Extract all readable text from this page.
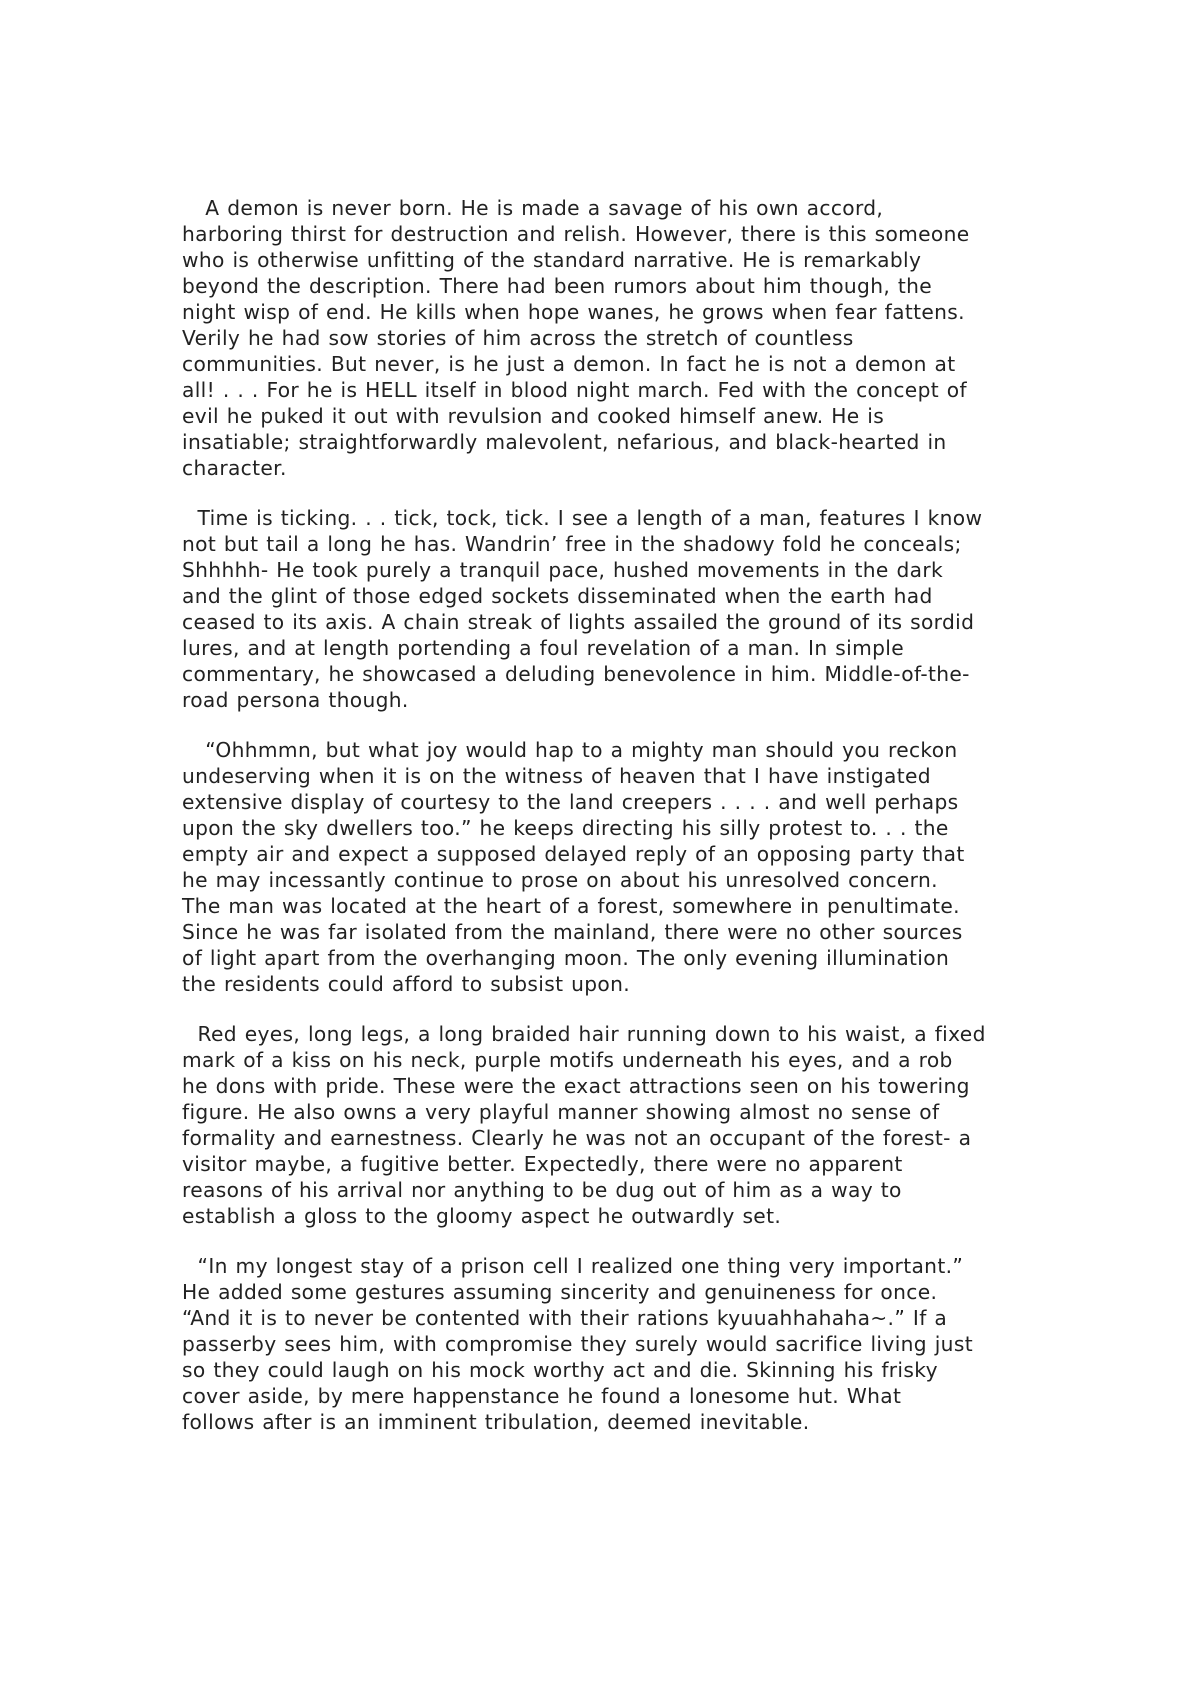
A demon is never born. He is made a savage of his own accord,
harboring thirst for destruction and relish. However, there is this someone
who is otherwise unfitting of the standard narrative. He is remarkably
beyond the description. There had been rumors about him though, the
night wisp of end. He kills when hope wanes, he grows when fear fattens.
Verily he had sow stories of him across the stretch of countless
communities. But never, is he just a demon. In fact he is not a demon at
all! . . . For he is HELL itself in blood night march. Fed with the concept of
evil he puked it out with revulsion and cooked himself anew. He is
insatiable; straightforwardly malevolent, nefarious, and black-hearted in
character.
Time is ticking. . . tick, tock, tick. I see a length of a man, features I know
not but tail a long he has. Wandrin’ free in the shadowy fold he conceals;
Shhhhh- He took purely a tranquil pace, hushed movements in the dark
and the glint of those edged sockets disseminated when the earth had
ceased to its axis. A chain streak of lights assailed the ground of its sordid
lures, and at length portending a foul revelation of a man. In simple
commentary, he showcased a deluding benevolence in him. Middle-of-the-
road persona though.
“Ohhmmn, but what joy would hap to a mighty man should you reckon
undeserving when it is on the witness of heaven that I have instigated
extensive display of courtesy to the land creepers . . . . and well perhaps
upon the sky dwellers too.” he keeps directing his silly protest to. . . the
empty air and expect a supposed delayed reply of an opposing party that
he may incessantly continue to prose on about his unresolved concern.
The man was located at the heart of a forest, somewhere in penultimate.
Since he was far isolated from the mainland, there were no other sources
of light apart from the overhanging moon. The only evening illumination
the residents could afford to subsist upon.
Red eyes, long legs, a long braided hair running down to his waist, a fixed
mark of a kiss on his neck, purple motifs underneath his eyes, and a rob
he dons with pride. These were the exact attractions seen on his towering
figure. He also owns a very playful manner showing almost no sense of
formality and earnestness. Clearly he was not an occupant of the forest- a
visitor maybe, a fugitive better. Expectedly, there were no apparent
reasons of his arrival nor anything to be dug out of him as a way to
establish a gloss to the gloomy aspect he outwardly set.
“In my longest stay of a prison cell I realized one thing very important.”
He added some gestures assuming sincerity and genuineness for once.
“And it is to never be contented with their rations kyuuahhahaha~.” If a
passerby sees him, with compromise they surely would sacrifice living just
so they could laugh on his mock worthy act and die. Skinning his frisky
cover aside, by mere happenstance he found a lonesome hut. What
follows after is an imminent tribulation, deemed inevitable.
